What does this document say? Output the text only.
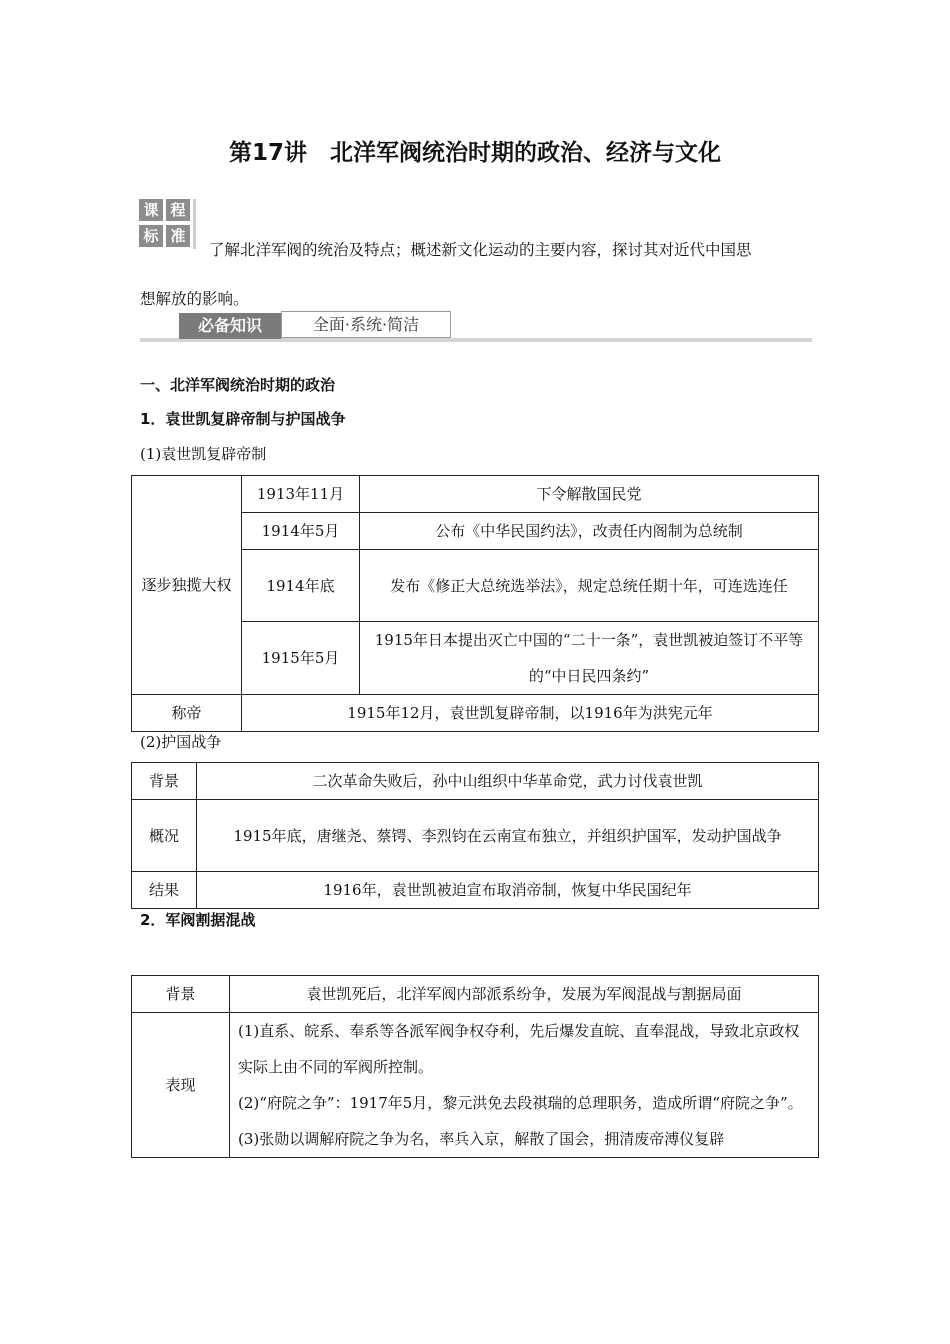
第17讲　北洋军阀统治时期的政治、经济与文化
课 程
标 准
了解北洋军阀的统治及特点；概述新文化运动的主要内容，探讨其对近代中国思
想解放的影响。
必备知识	全面·系统·简洁
一、北洋军阀统治时期的政治
1．袁世凯复辟帝制与护国战争
(1)袁世凯复辟帝制
逐步独揽大权	1913年11月	下令解散国民党
	1914年5月	公布《中华民国约法》，改责任内阁制为总统制
	1914年底	发布《修正大总统选举法》，规定总统任期十年，可连选连任
	1915年5月	1915年日本提出灭亡中国的“二十一条”，袁世凯被迫签订不平等的“中日民四条约”
称帝	1915年12月，袁世凯复辟帝制，以1916年为洪宪元年	
(2)护国战争
背景	二次革命失败后，孙中山组织中华革命党，武力讨伐袁世凯
概况	1915年底，唐继尧、蔡锷、李烈钧在云南宣布独立，并组织护国军，发动护国战争
结果	1916年，袁世凯被迫宣布取消帝制，恢复中华民国纪年
2．军阀割据混战
背景	袁世凯死后，北洋军阀内部派系纷争，发展为军阀混战与割据局面
表现	(1)直系、皖系、奉系等各派军阀争权夺利，先后爆发直皖、直奉混战，导致北京政权实际上由不同的军阀所控制。
(2)“府院之争”：1917年5月，黎元洪免去段祺瑞的总理职务，造成所谓“府院之争”。
(3)张勋以调解府院之争为名，率兵入京，解散了国会，拥清废帝溥仪复辟
